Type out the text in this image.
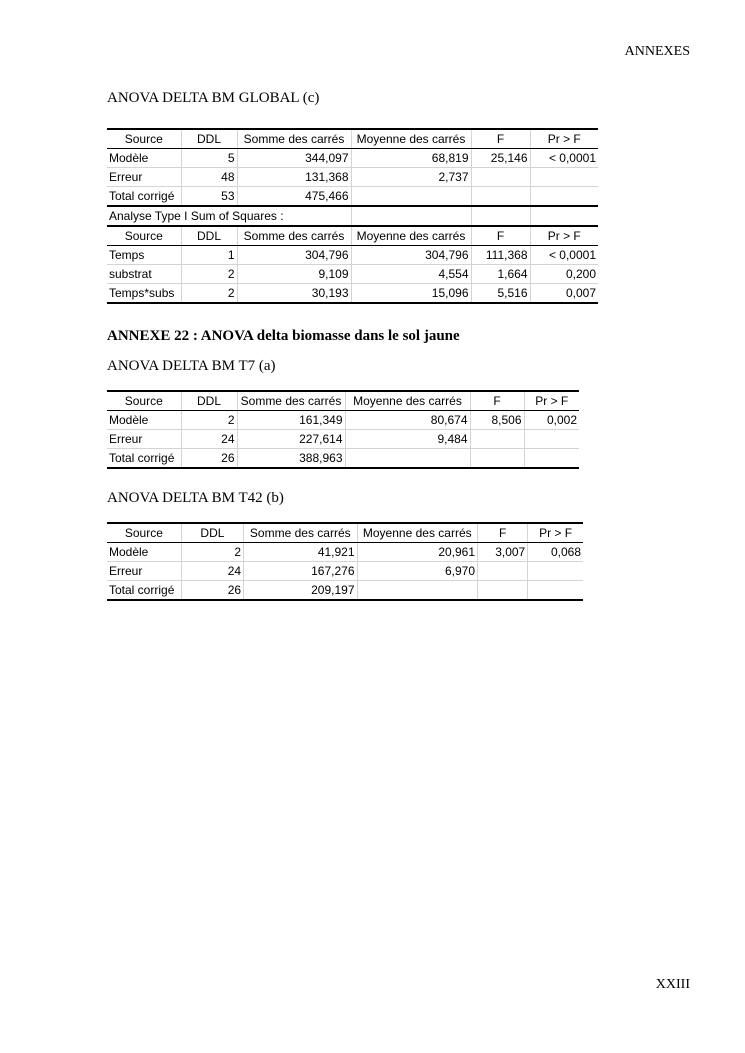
ANNEXES
ANOVA DELTA BM GLOBAL (c)
Source	DDL	Somme des carrés	Moyenne des carrés	F	Pr > F
Modèle	5	344,097	68,819	25,146	< 0,0001
Erreur	48	131,368	2,737		
Total corrigé	53	475,466			
Analyse Type I Sum of Squares :					
Source	DDL	Somme des carrés	Moyenne des carrés	F	Pr > F
Temps	1	304,796	304,796	111,368	< 0,0001
substrat	2	9,109	4,554	1,664	0,200
Temps*subs	2	30,193	15,096	5,516	0,007
ANNEXE 22 : ANOVA delta biomasse dans le sol jaune
ANOVA DELTA BM T7 (a)
Source	DDL	Somme des carrés	Moyenne des carrés	F	Pr > F
Modèle	2	161,349	80,674	8,506	0,002
Erreur	24	227,614	9,484		
Total corrigé	26	388,963			
ANOVA DELTA BM T42 (b)
Source	DDL	Somme des carrés	Moyenne des carrés	F	Pr > F
Modèle	2	41,921	20,961	3,007	0,068
Erreur	24	167,276	6,970		
Total corrigé	26	209,197			
XXIII
